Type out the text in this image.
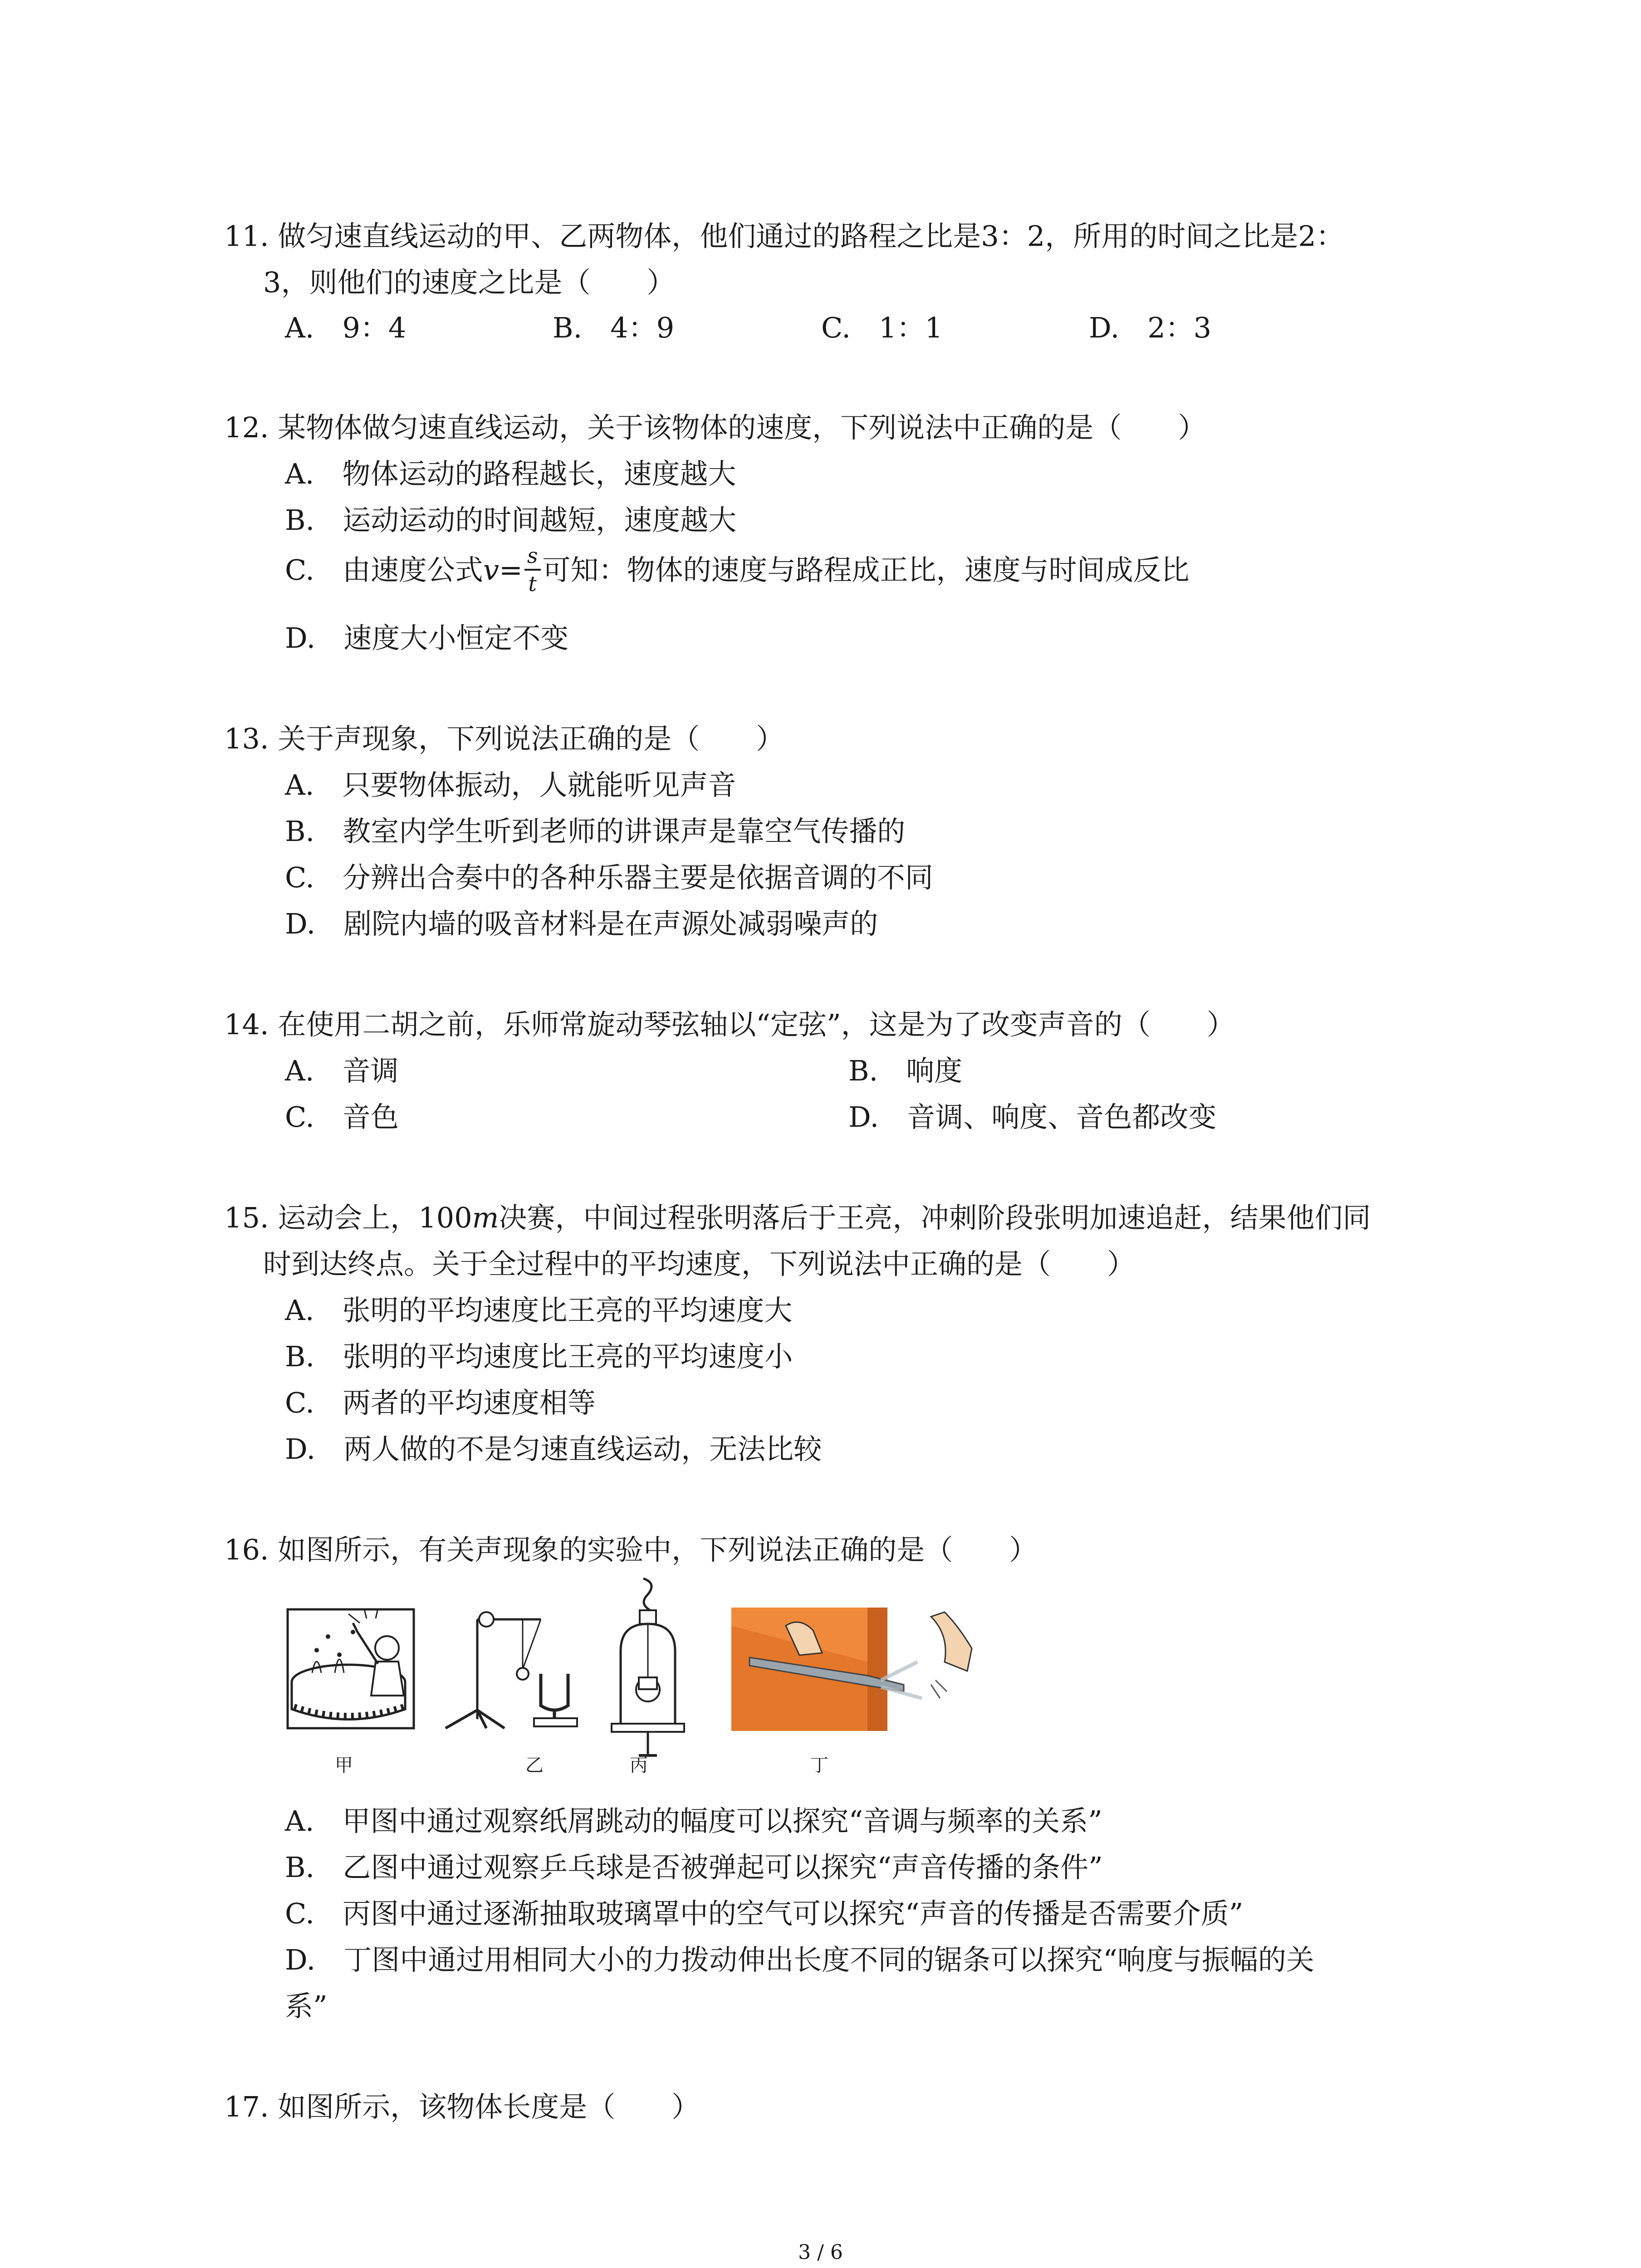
11. 做匀速直线运动的甲、乙两物体，他们通过的路程之比是3：2，所用的时间之比是2：
3，则他们的速度之比是（　　）
A.　9：4	B.　4：9	C.　1：1	D.　2：3
12. 某物体做匀速直线运动，关于该物体的速度，下列说法中正确的是（　　）
A.　物体运动的路程越长，速度越大
B.　运动运动的时间越短，速度越大
C.　由速度公式$v= \frac{s}{t}$ 可知：物体的速度与路程成正比，速度与时间成反比
D.　速度大小恒定不变
13. 关于声现象，下列说法正确的是（　　）
A.　只要物体振动，人就能听见声音
B.　教室内学生听到老师的讲课声是靠空气传播的
C.　分辨出合奏中的各种乐器主要是依据音调的不同
D.　剧院内墙的吸音材料是在声源处减弱噪声的
14. 在使用二胡之前，乐师常旋动琴弦轴以“定弦”，这是为了改变声音的（　　）
A.　音调	B.　响度
C.　音色	D.　音调、响度、音色都改变
15. 运动会上，100m决赛，中间过程张明落后于王亮，冲刺阶段张明加速追赶，结果他们同
时到达终点。关于全过程中的平均速度，下列说法中正确的是（　　）
A.　张明的平均速度比王亮的平均速度大
B.　张明的平均速度比王亮的平均速度小
C.　两者的平均速度相等
D.　两人做的不是匀速直线运动，无法比较
16. 如图所示，有关声现象的实验中，下列说法正确的是（　　）
甲	乙	丙	丁
A.　甲图中通过观察纸屑跳动的幅度可以探究“音调与频率的关系”
B.　乙图中通过观察乒乓球是否被弹起可以探究“声音传播的条件”
C.　丙图中通过逐渐抽取玻璃罩中的空气可以探究“声音的传播是否需要介质”
D.　丁图中通过用相同大小的力拨动伸出长度不同的锯条可以探究“响度与振幅的关
系”
17. 如图所示，该物体长度是（　　）
3 / 6
